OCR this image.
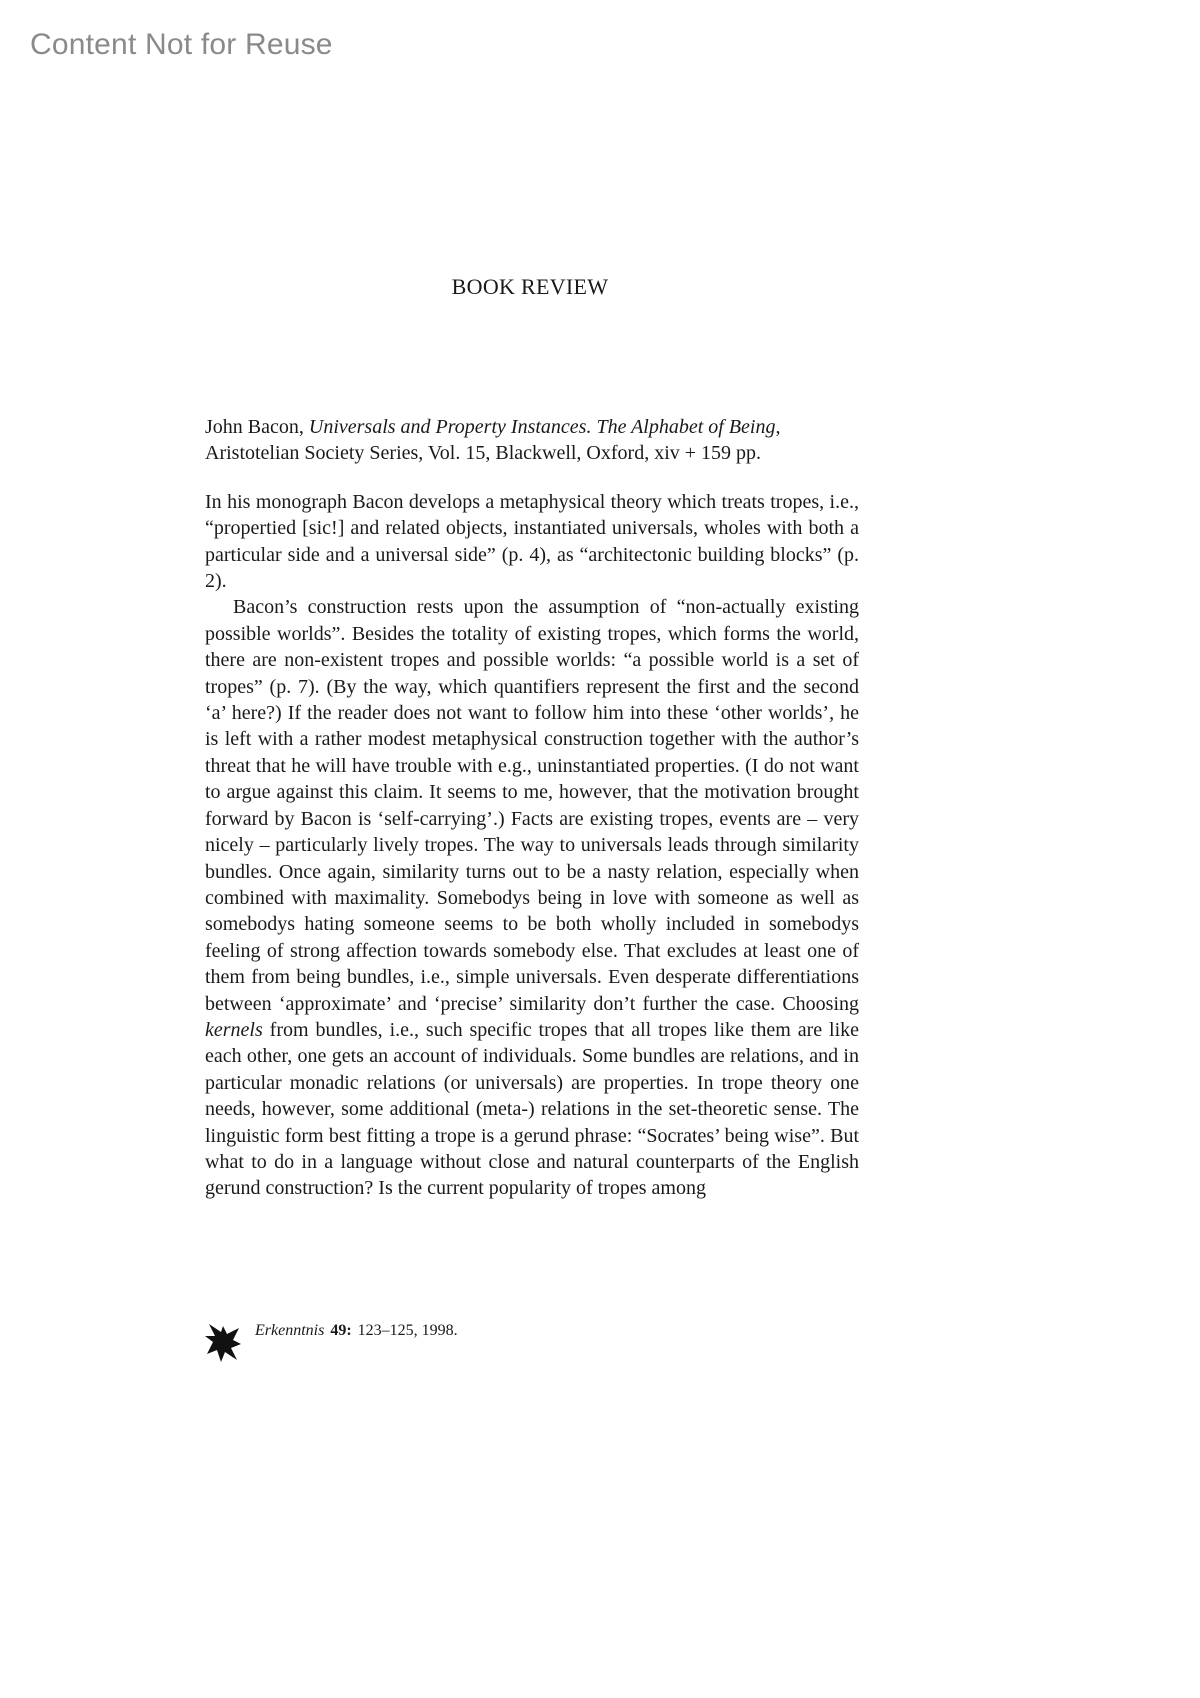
Content Not for Reuse
BOOK REVIEW
John Bacon, Universals and Property Instances. The Alphabet of Being,
Aristotelian Society Series, Vol. 15, Blackwell, Oxford, xiv + 159 pp.

In his monograph Bacon develops a metaphysical theory which treats tropes, i.e., “propertied [sic!] and related objects, instantiated universals, wholes with both a particular side and a universal side” (p. 4), as “architectonic building blocks” (p. 2).

Bacon’s construction rests upon the assumption of “non-actually existing possible worlds”. Besides the totality of existing tropes, which forms the world, there are non-existent tropes and possible worlds: “a possible world is a set of tropes” (p. 7). (By the way, which quantifiers represent the first and the second ‘a’ here?) If the reader does not want to follow him into these ‘other worlds’, he is left with a rather modest metaphysical construction together with the author’s threat that he will have trouble with e.g., uninstantiated properties. (I do not want to argue against this claim. It seems to me, however, that the motivation brought forward by Bacon is ‘self-carrying’.) Facts are existing tropes, events are – very nicely – particularly lively tropes. The way to universals leads through similarity bundles. Once again, similarity turns out to be a nasty relation, especially when combined with maximality. Somebodys being in love with someone as well as somebodys hating someone seems to be both wholly included in somebodys feeling of strong affection towards somebody else. That excludes at least one of them from being bundles, i.e., simple universals. Even desperate differentiations between ‘approximate’ and ‘precise’ similarity don’t further the case. Choosing kernels from bundles, i.e., such specific tropes that all tropes like them are like each other, one gets an account of individuals. Some bundles are relations, and in particular monadic relations (or universals) are properties. In trope theory one needs, however, some additional (meta-) relations in the set-theoretic sense. The linguistic form best fitting a trope is a gerund phrase: “Socrates’ being wise”. But what to do in a language without close and natural counterparts of the English gerund construction? Is the current popularity of tropes among

Erkenntnis 49: 123–125, 1998.
